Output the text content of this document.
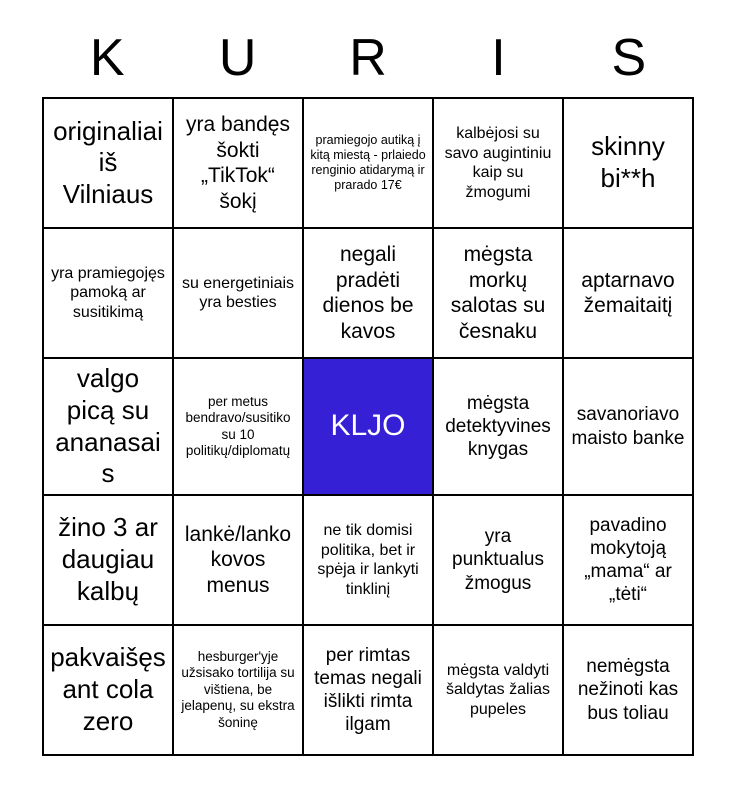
K	U	R	I	S
originaliai iš Vilniaus	yra bandęs šokti „TikTok“ šokį	pramiegojo autiką į kitą miestą - prlaiedo renginio atidarymą ir prarado 17€	kalbėjosi su savo augintiniu kaip su žmogumi	skinny bi**h
yra pramiegojęs pamoką ar susitikimą	su energetiniais yra besties	negali pradėti dienos be kavos	mėgsta morkų salotas su česnaku	aptarnavo žemaitaitį
valgo picą su ananasais	per metus bendravo/susitiko su 10 politikų/diplomatų	KLJO	mėgsta detektyvines knygas	savanoriavo maisto banke
žino 3 ar daugiau kalbų	lankė/lanko kovos menus	ne tik domisi politika, bet ir spėja ir lankyti tinklinį	yra punktualus žmogus	pavadino mokytoją „mama“ ar „tėti“
pakvaišęs ant cola zero	hesburger'yje užsisako tortilija su vištiena, be jelapenų, su ekstra šoninę	per rimtas temas negali išlikti rimta ilgam	mėgsta valdyti šaldytas žalias pupeles	nemėgsta nežinoti kas bus toliau
